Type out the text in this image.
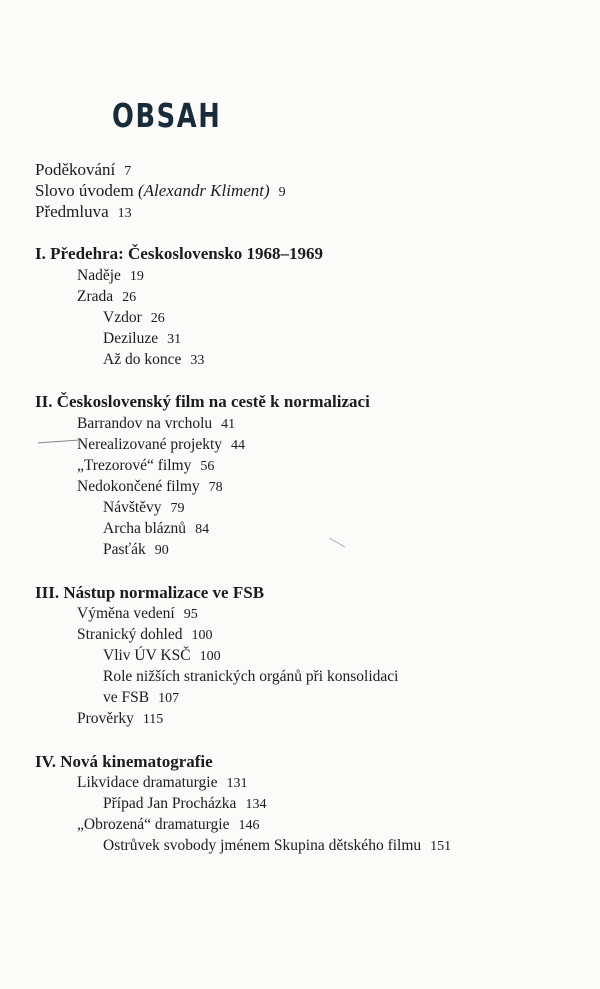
OBSAH
Poděkování 7
Slovo úvodem (Alexandr Kliment) 9
Předmluva 13
I. Předehra: Československo 1968–1969
Naděje 19
Zrada 26
Vzdor 26
Deziluze 31
Až do konce 33
II. Československý film na cestě k normalizaci
Barrandov na vrcholu 41
Nerealizované projekty 44
„Trezorové“ filmy 56
Nedokončené filmy 78
Návštěvy 79
Archa bláznů 84
Pasťák 90
III. Nástup normalizace ve FSB
Výměna vedení 95
Stranický dohled 100
Vliv ÚV KSČ 100
Role nižších stranických orgánů při konsolidaci
ve FSB 107
Prověrky 115
IV. Nová kinematografie
Likvidace dramaturgie 131
Případ Jan Procházka 134
„Obrozená“ dramaturgie 146
Ostrůvek svobody jménem Skupina dětského filmu 151
